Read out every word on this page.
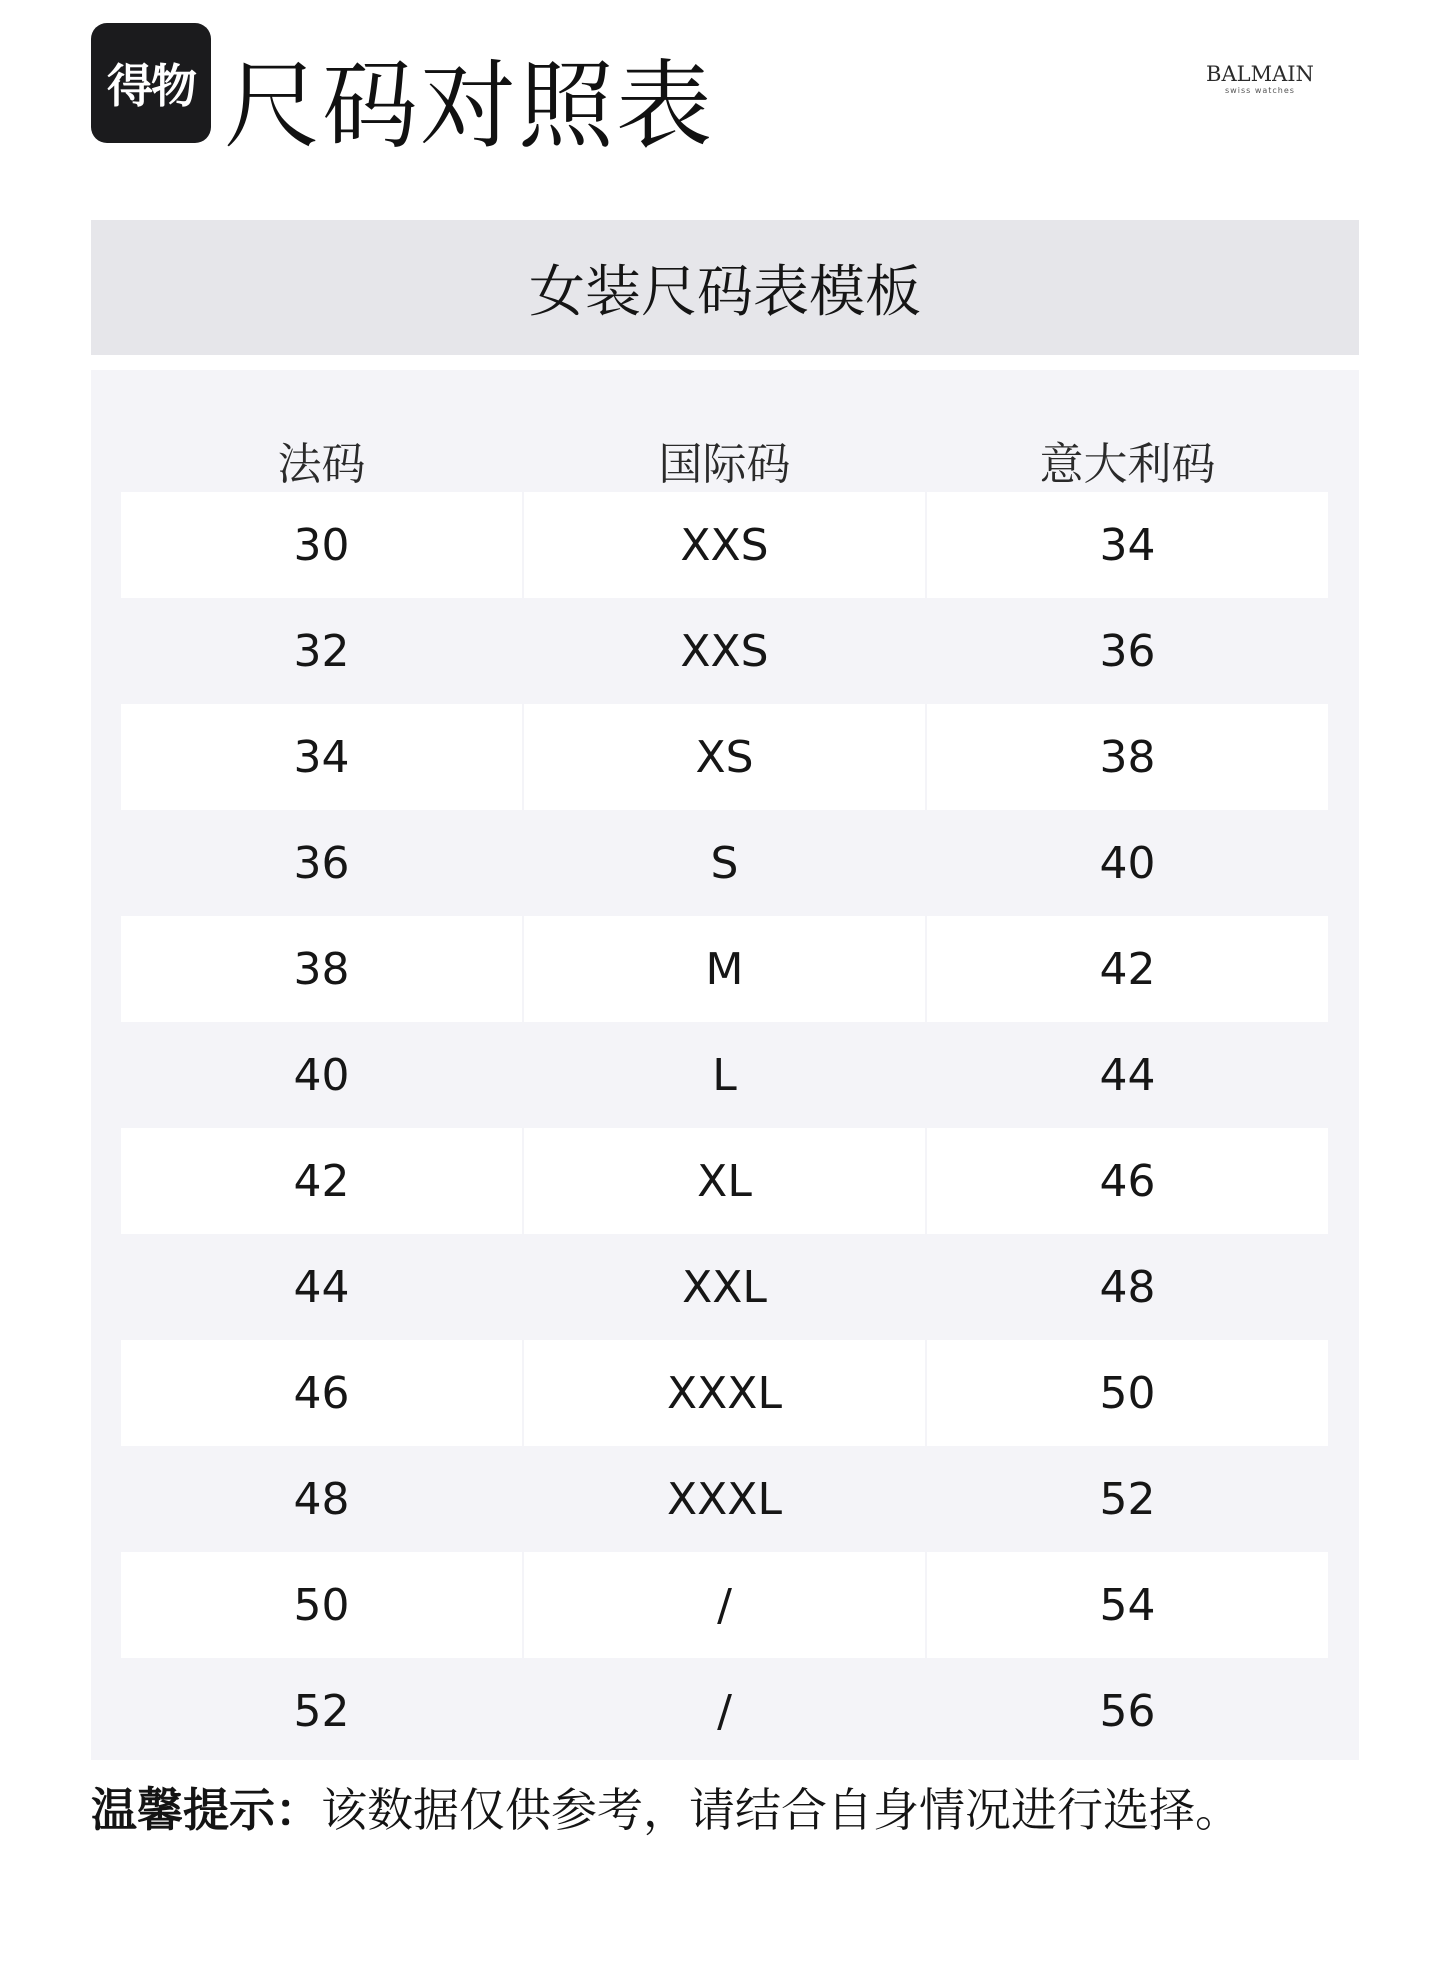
得物 尺码对照表	BALMAIN
swiss watches
女装尺码表模板
法码	国际码	意大利码
30	XXS	34
32	XXS	36
34	XS	38
36	S	40
38	M	42
40	L	44
42	XL	46
44	XXL	48
46	XXXL	50
48	XXXL	52
50	/	54
52	/	56
温馨提示：该数据仅供参考，请结合自身情况进行选择。
